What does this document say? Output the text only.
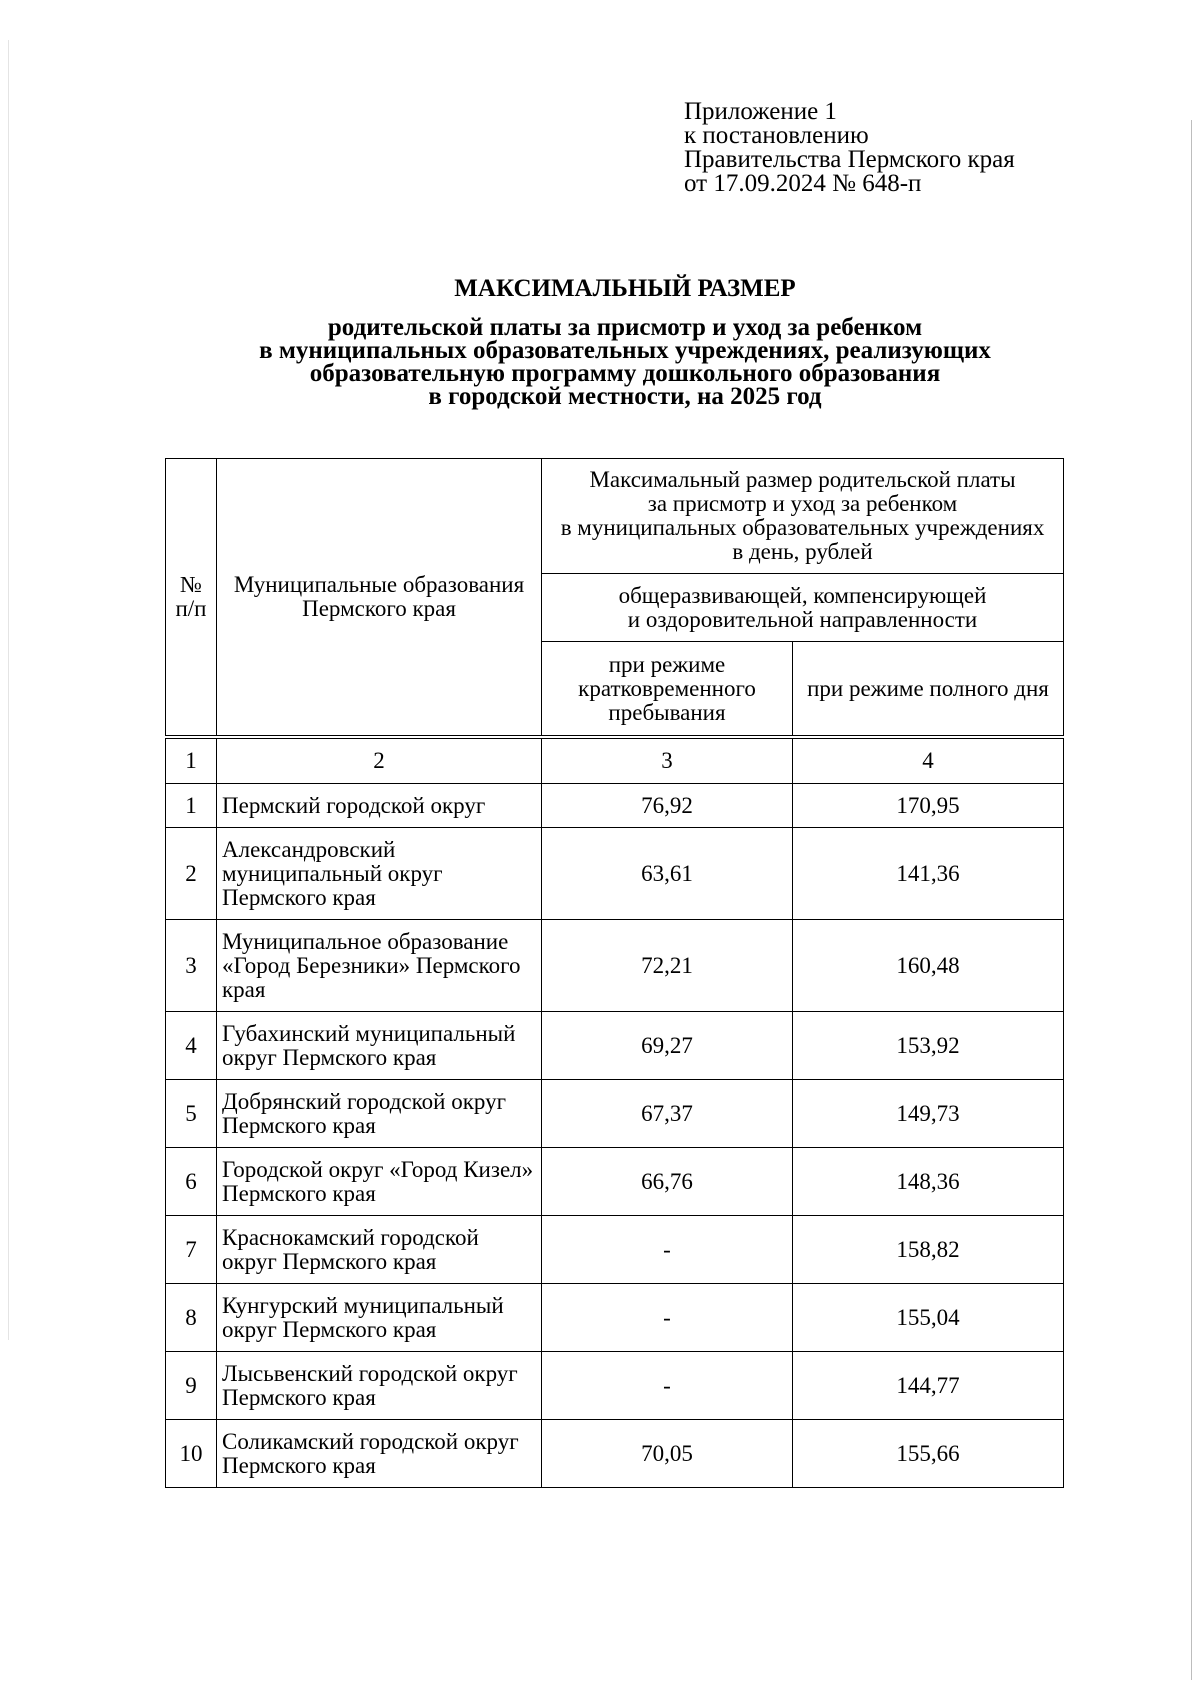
Приложение 1
к постановлению
Правительства Пермского края
от 17.09.2024 № 648-п
МАКСИМАЛЬНЫЙ РАЗМЕР
родительской платы за присмотр и уход за ребенком
в муниципальных образовательных учреждениях, реализующих
образовательную программу дошкольного образования
в городской местности, на 2025 год
№ п/п	Муниципальные образования Пермского края	Максимальный размер родительской платы
за присмотр и уход за ребенком
в муниципальных образовательных учреждениях
в день, рублей	

		общеразвивающей, компенсирующей
и оздоровительной направленности	

		при режиме
кратковременного
пребывания	при режиме полного дня
1	2	3	4
1	Пермский городской округ	76,92	170,95
2	Александровский муниципальный округ Пермского края	63,61	141,36
3	Муниципальное образование «Город Березники» Пермского края	72,21	160,48
4	Губахинский муниципальный округ Пермского края	69,27	153,92
5	Добрянский городской округ Пермского края	67,37	149,73
6	Городской округ «Город Кизел» Пермского края	66,76	148,36
7	Краснокамский городской округ Пермского края	-	158,82
8	Кунгурский муниципальный округ Пермского края	-	155,04
9	Лысьвенский городской округ Пермского края	-	144,77
10	Соликамский городской округ Пермского края	70,05	155,66
